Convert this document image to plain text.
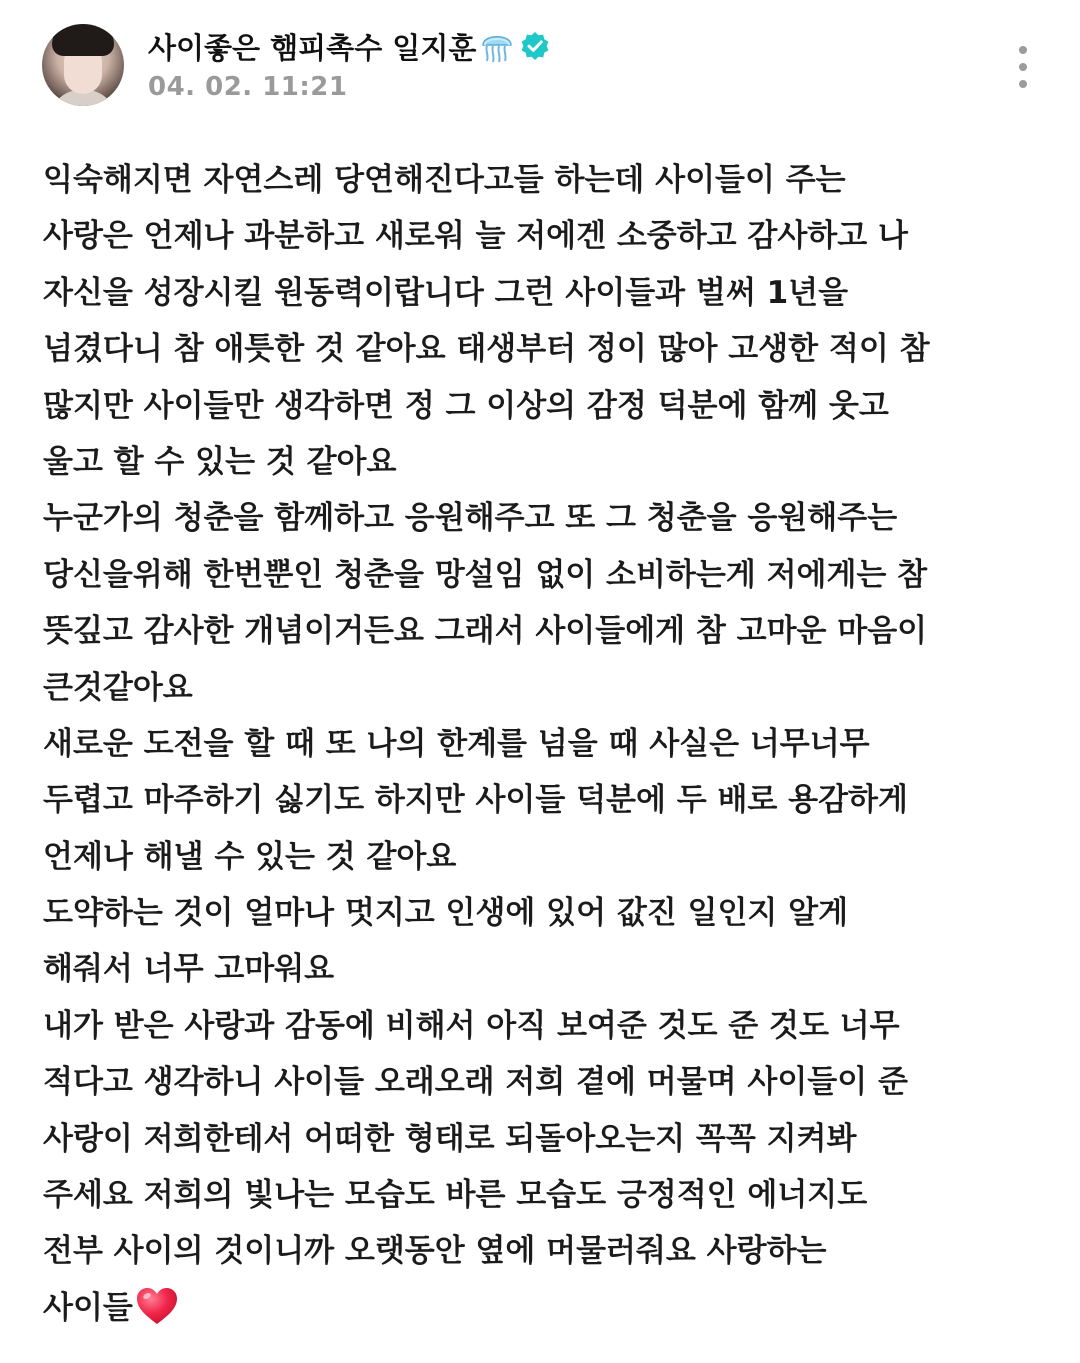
사이좋은 햄피촉수 일지훈
04. 02. 11:21
익숙해지면 자연스레 당연해진다고들 하는데 사이들이 주는
사랑은 언제나 과분하고 새로워 늘 저에겐 소중하고 감사하고 나
자신을 성장시킬 원동력이랍니다 그런 사이들과 벌써 1년을
넘겼다니 참 애틋한 것 같아요 태생부터 정이 많아 고생한 적이 참
많지만 사이들만 생각하면 정 그 이상의 감정 덕분에 함께 웃고
울고 할 수 있는 것 같아요
누군가의 청춘을 함께하고 응원해주고 또 그 청춘을 응원해주는
당신을위해 한번뿐인 청춘을 망설임 없이 소비하는게 저에게는 참
뜻깊고 감사한 개념이거든요 그래서 사이들에게 참 고마운 마음이
큰것같아요
새로운 도전을 할 때 또 나의 한계를 넘을 때 사실은 너무너무
두렵고 마주하기 싫기도 하지만 사이들 덕분에 두 배로 용감하게
언제나 해낼 수 있는 것 같아요
도약하는 것이 얼마나 멋지고 인생에 있어 값진 일인지 알게
해줘서 너무 고마워요
내가 받은 사랑과 감동에 비해서 아직 보여준 것도 준 것도 너무
적다고 생각하니 사이들 오래오래 저희 곁에 머물며 사이들이 준
사랑이 저희한테서 어떠한 형태로 되돌아오는지 꼭꼭 지켜봐
주세요 저희의 빛나는 모습도 바른 모습도 긍정적인 에너지도
전부 사이의 것이니까 오랫동안 옆에 머물러줘요 사랑하는
사이들
